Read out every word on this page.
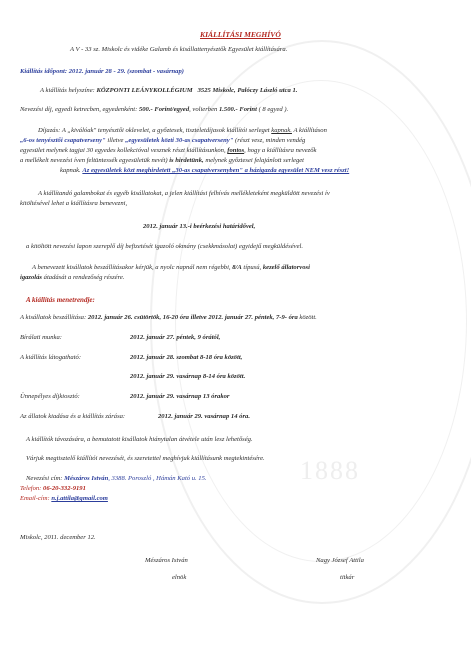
1888
KIÁLLÍTÁSI MEGHÍVÓ
A V - 33 sz. Miskolc és vidéke Galamb és kisállattenyésztők Egyesület kiállítására.
Kiállítás időpont: 2012. január 28 - 29. (szombat - vasárnap)
A kiállítás helyszíne: KÖZPONTI LEÁNYKOLLÉGIUM 3525 Miskolc, Palóczy László utca 1.
Nevezési díj, egyedi ketrecben, egyedenként: 500.- Forint/egyed, volierben 1.500.- Forint ( 8 egyed ).
Díjazás: A „kiválóak" tenyésztői oklevelet, a győztesek, tiszteletdíjasok kiállítói serleget kapnak. A kiállításon
„6-os tenyésztői csapatverseny" illetve „egyesületek közti 30-as csapatverseny" (részt vesz, minden vendég
egyesület melynek tagjai 30 egyedes kollekcióval vesznek részt kiállításunkon, fontos, hogy a kiállításra nevezők
a mellékelt nevezési íven feltüntessék egyesületük nevét) is hirdetünk, melynek győztesei felajánlott serleget
kapnak. Az egyesületek közt meghirdetett „30-as csapatversenyben" a házigazda egyesület NEM vesz részt!
A kiállítandó galambokat és egyéb kisállatokat, a jelen kiállítási felhívás mellékleteként megküldött nevezési ív
kitöltésével lehet a kiállításra benevezni,
2012. január 13.-i beérkezési határidővel,
a kitöltött nevezési lapon szereplő díj befizetését igazoló okmány (csekkmásolat) egyidejű megküldésével.
A benevezett kisállatok beszállításakor kérjük, a nyolc napnál nem régebbi, 8/A típusú, kezelő állatorvosi
igazolás átadását a rendezőség részére.
A kiállítás menetrendje:
A kisállatok beszállítása: 2012. január 26. csütörtök, 16-20 óra illetve 2012. január 27. péntek, 7-9- óra között.
Bírálati munka:	2012. január 27. péntek, 9 órától,
A kiállítás látogatható:	2012. január 28. szombat 8-18 óra között,
2012. január 29. vasárnap 8-14 óra között.
Ünnepélyes díjkiosztó:	2012. január 29. vasárnap 13 órakor
Az állatok kiadása és a kiállítás zárása:	2012. január 29. vasárnap 14 óra.
A kiállítók távozására, a bemutatott kisállatok hiánytalan átvétele után lesz lehetőség.
Várjuk megtisztelő kiállítói nevezését, és szeretettel meghívjuk kiállításunk megtekintésére.
Nevezési cím: Mészáros István, 3388. Poroszló , Hámán Kató u. 15.
Telefon: 06-20-332-9191
Email-cím: n.j.attila@gmail.com
Miskolc, 2011. december 12.
Mészáros István
elnök
Nagy József Attila
titkár
